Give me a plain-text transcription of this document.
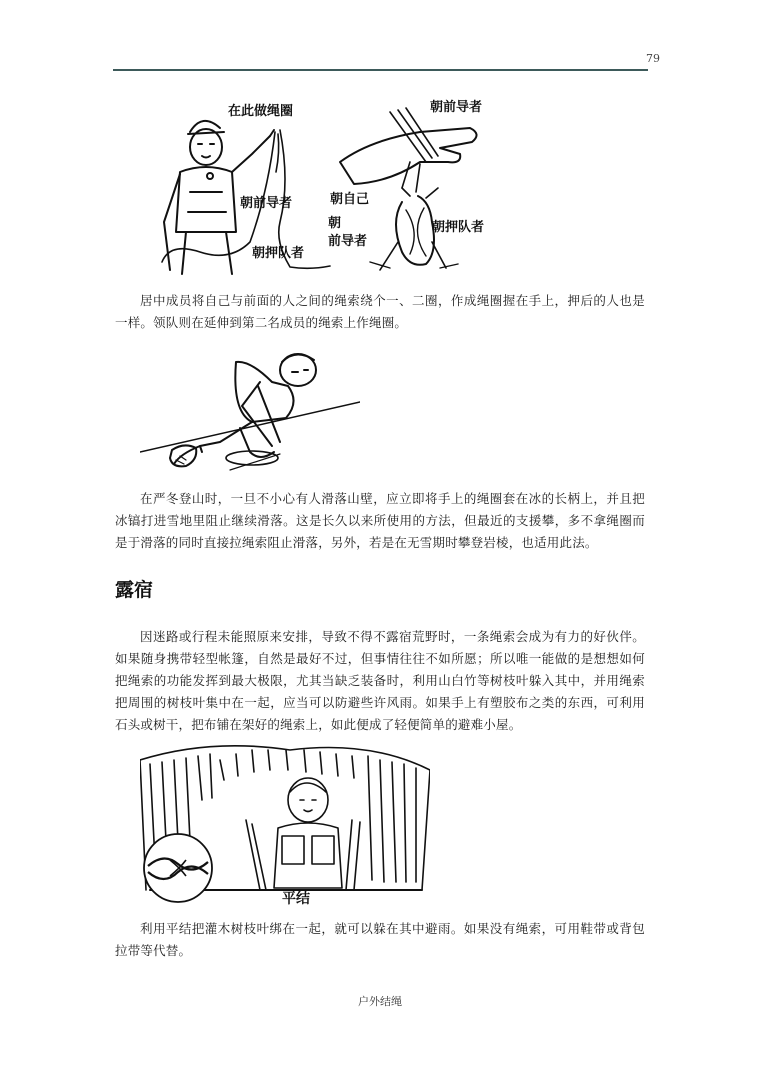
79
在此做绳圈
朝前导者
朝押队者
朝前导者
朝自己
朝
前导者
朝押队者
居中成员将自己与前面的人之间的绳索绕个一、二圈，作成绳圈握在手上，押后的人也是一样。领队则在延伸到第二名成员的绳索上作绳圈。
在严冬登山时，一旦不小心有人滑落山壁，应立即将手上的绳圈套在冰的长柄上，并且把冰镐打进雪地里阻止继续滑落。这是长久以来所使用的方法，但最近的支援攀，多不拿绳圈而是于滑落的同时直接拉绳索阻止滑落，另外，若是在无雪期时攀登岩棱，也适用此法。
露宿
因迷路或行程未能照原来安排，导致不得不露宿荒野时，一条绳索会成为有力的好伙伴。如果随身携带轻型帐篷，自然是最好不过，但事情往往不如所愿；所以唯一能做的是想想如何把绳索的功能发挥到最大极限，尤其当缺乏装备时，利用山白竹等树枝叶躲入其中，并用绳索把周围的树枝叶集中在一起，应当可以防避些许风雨。如果手上有塑胶布之类的东西，可利用石头或树干，把布铺在架好的绳索上，如此便成了轻便简单的避难小屋。
平结
利用平结把灌木树枝叶绑在一起，就可以躲在其中避雨。如果没有绳索，可用鞋带或背包拉带等代替。
户外结绳
